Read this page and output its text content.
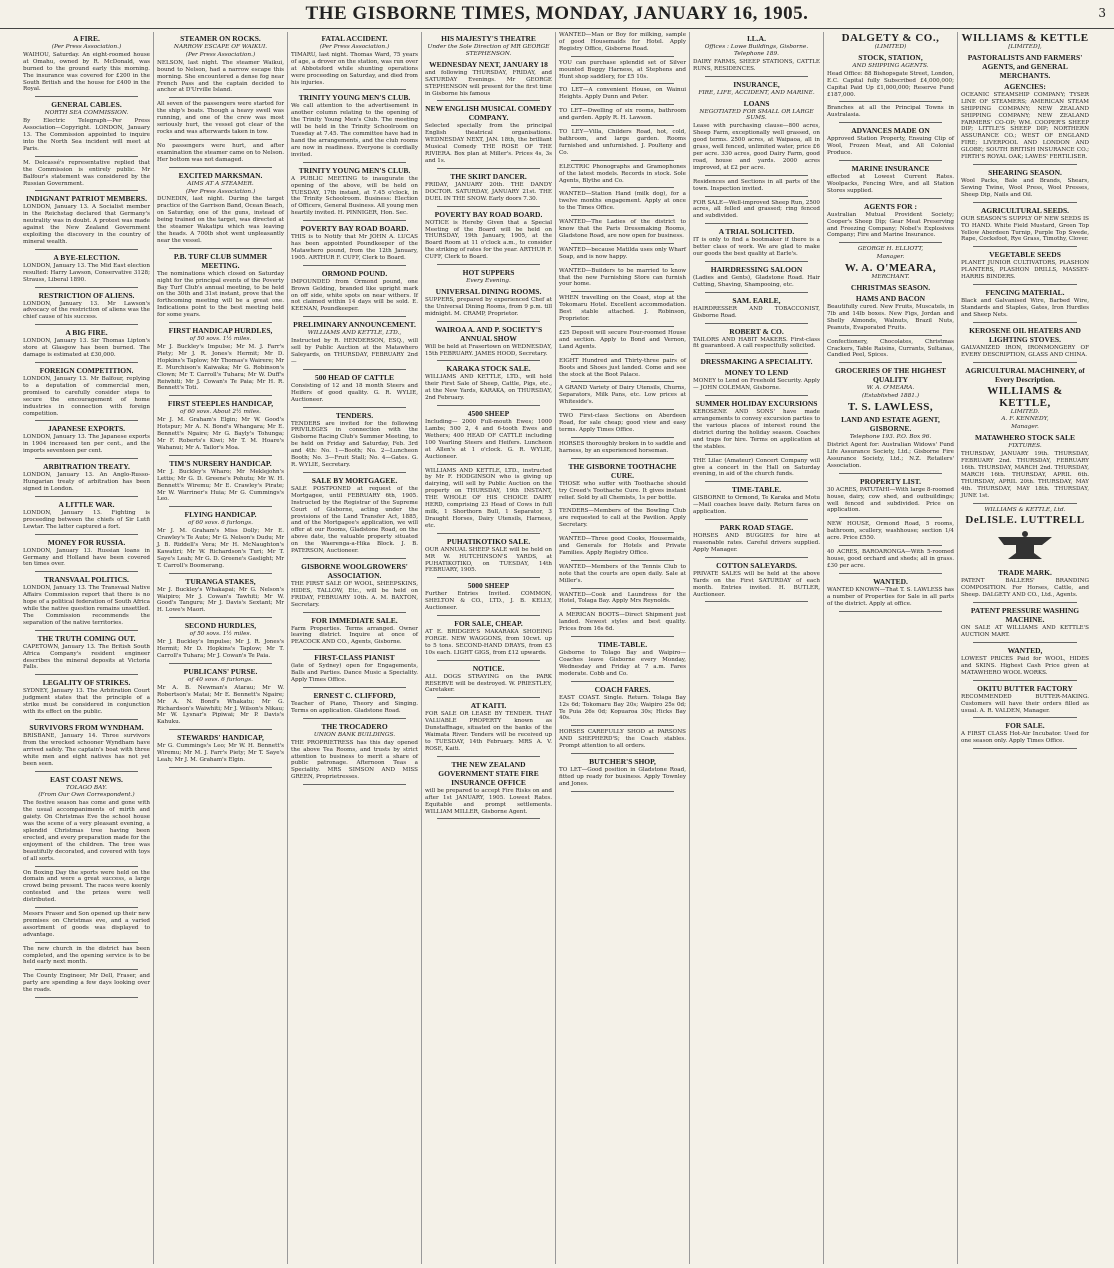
THE GISBORNE TIMES, MONDAY, JANUARY 16, 1905.	3
A FIRE.
(Per Press Association.)

WAIHOU, Saturday. An eight-roomed house at Omahu, owned by R. McDonald, was burned to the ground early this morning. The insurance was covered for £200 in the South British and the house for £400 in the Royal.

GENERAL CABLES.
NORTH SEA COMMISSION.

By Electric Telegraph—Per Press Association—Copyright. LONDON, January 13. The Commission appointed to inquire into the North Sea incident will meet at Paris.

M. Delcassé's representative replied that the Commission is entirely public. Mr Balfour's statement was considered by the Russian Government.

INDIGNANT PATRIOT MEMBERS.

LONDON, January 13. A Socialist member in the Reichstag declared that Germany's neutrality was in doubt. A protest was made against the New Zealand Government exploiting the discovery in the country of mineral wealth.

A BYE-ELECTION.

LONDON, January 13. The Mid East election resulted: Harry Lawson, Conservative 3128; Strauss, Liberal 1890.

RESTRICTION OF ALIENS.

LONDON, January 13. Mr Lawson's advocacy of the restriction of aliens was the chief cause of his success.

A BIG FIRE.

LONDON, January 13. Sir Thomas Lipton's store at Glasgow has been burned. The damage is estimated at £30,000.

FOREIGN COMPETITION.

LONDON, January 13. Mr Balfour, replying to a deputation of commercial men, promised to carefully consider steps to secure the encouragement of home industries in connection with foreign competition.

JAPANESE EXPORTS.

LONDON, January 13. The Japanese exports in 1904 increased ten per cent., and the imports seventeen per cent.

ARBITRATION TREATY.

LONDON, January 13. An Anglo-Russo-Hungarian treaty of arbitration has been signed in London.

A LITTLE WAR.

LONDON, January 13. Fighting is proceeding between the chiefs of Sir Lutfi Lewtar. The latter captured a fort.

MONEY FOR RUSSIA.

LONDON, January 13. Russian loans in Germany and Holland have been covered ten times over.

TRANSVAAL POLITICS.

LONDON, January 13. The Transvaal Native Affairs Commission report that there is no hope of a political federation of South Africa while the native question remains unsettled. The Commission recommends the separation of the native territories.

THE TRUTH COMING OUT.

CAPETOWN, January 13. The British South Africa Company's resident engineer describes the mineral deposits at Victoria Falls.

LEGALITY OF STRIKES.

SYDNEY, January 13. The Arbitration Court judgment states that the principle of a strike must be considered in conjunction with its effect on the public.

SURVIVORS FROM WYNDHAM.

BRISBANE, January 14. Three survivors from the wrecked schooner Wyndham have arrived safely. The captain's boat with three white men and eight natives has not yet been seen.

EAST COAST NEWS.
TOLAGO BAY.
(From Our Own Correspondent.)

The festive season has come and gone with the usual accompaniments of mirth and gaiety. On Christmas Eve the school house was the scene of a very pleasant evening, a splendid Christmas tree having been erected, and every preparation made for the enjoyment of the children. The tree was beautifully decorated, and covered with toys of all sorts.

On Boxing Day the sports were held on the domain and were a great success, a large crowd being present. The races were keenly contested and the prizes were well distributed.

Messrs Fraser and Son opened up their new premises on Christmas eve, and a varied assortment of goods was displayed to advantage.

The new church in the district has been completed, and the opening service is to be held early next month.

The County Engineer, Mr Dell, Fraser, and party are spending a few days looking over the roads.

STEAMER ON ROCKS.
NARROW ESCAPE OF WAIKUI.
(Per Press Association.)

NELSON, last night. The steamer Waikui, bound to Nelson, had a narrow escape this morning. She encountered a dense fog near French Pass and the captain decided to anchor at D'Urville Island.

All seven of the passengers were started for the ship's boats. Though a heavy swell was running, and one of the crew was most seriously hurt, the vessel got clear of the rocks and was afterwards taken in tow.

No passengers were hurt, and after examination the steamer came on to Nelson. Her bottom was not damaged.

EXCITED MARKSMAN.
AIMS AT A STEAMER.
(Per Press Association.)

DUNEDIN, last night. During the target practice of the Garrison Band, Ocean Beach, on Saturday, one of the guns, instead of being trained on the target, was directed at the steamer Wakatipu which was leaving the heads. A 700lb shot went unpleasantly near the vessel.

P.B. TURF CLUB SUMMER MEETING.

The nominations which closed on Saturday night for the principal events of the Poverty Bay Turf Club's annual meeting, to be held on the 30th and 31st instant, prove that the forthcoming meeting will be a great one. Indications point to the best meeting held for some years.

FIRST HANDICAP HURDLES,
of 50 sovs. 1½ miles.

Mr J. Buckley's Impulse; Mr M. J. Farr's Piety; Mr J. R. Jones's Hermit; Mr D. Hopkins's Taplow; Mr Thomas's Wairere; Mr E. Murchison's Kaiwaka; Mr G. Robinson's Clown; Mr T. Carroll's Tuhara; Mr W. Duff's Reiwhiti; Mr J. Cowan's Te Paia; Mr H. R. Bennett's Toti.

FIRST STEEPLES HANDICAP,
of 60 sovs. About 2½ miles.

Mr J. M. Graham's Elgin; Mr W. Good's Hotspur; Mr A. N. Bond's Whangara; Mr E. Bennett's Ngaire; Mr G. Bayly's Tohunga; Mr F. Roberts's Kiwi; Mr T. M. Hoare's Wahanui; Mr A. Tailor's Moa.

TIM'S NURSERY HANDICAP.

Mr J. Buckley's Wharo; Mr Meklejohn's Lettis; Mr G. D. Greene's Pohutu; Mr W. H. Bennett's Wiremu; Mr E. Crawley's Pirate; Mr W. Warriner's Huia; Mr G. Cummings's Leo.

FLYING HANDICAP.
of 60 sovs. 6 furlongs.

Mr J. M. Graham's Miss Dolly; Mr E. Crawley's Te Aute; Mr G. Nelson's Dudu; Mr J. B. Riddell's Vera; Mr H. McNaughton's Kawatiri; Mr W. Richardson's Turi; Mr T. Saye's Leah; Mr G. D. Greene's Gaslight; Mr T. Carroll's Boomerang.

TURANGA STAKES,

Mr J. Buckley's Whakapai; Mr G. Nelson's Waipiro; Mr J. Cowan's Tawhiti; Mr W. Good's Tanguru; Mr J. Davis's Sextant; Mr H. Lowe's Maori.

SECOND HURDLES,
of 50 sovs. 1½ miles.

Mr J. Buckley's Impulse; Mr J. R. Jones's Hermit; Mr D. Hopkins's Taplow; Mr T. Carroll's Tuhara; Mr J. Cowan's Te Paia.

PUBLICANS' PURSE.
of 40 sovs. 6 furlongs.

Mr A. B. Newman's Atarau; Mr W. Robertson's Matai; Mr E. Bennett's Ngaire; Mr A. N. Bond's Whakatu; Mr G. Richardson's Waiwhiti; Mr J. Wilson's Nikau; Mr W. Lysnar's Pipiwai; Mr P. Davis's Kahuku.

STEWARDS' HANDICAP,

Mr G. Cummings's Leo; Mr W. H. Bennett's Wiremu; Mr M. J. Farr's Piety; Mr T. Saye's Leah; Mr J. M. Graham's Elgin.

FATAL ACCIDENT.
(Per Press Association.)

TIMARU, last night. Thomas Ward, 75 years of age, a drover on the station, was run over at Abbotsford while shunting operations were proceeding on Saturday, and died from his injuries.

TRINITY YOUNG MEN'S CLUB.

We call attention to the advertisement in another column relating to the opening of the Trinity Young Men's Club. The meeting will be held in the Trinity Schoolroom on Tuesday at 7.45. The committee have had in hand the arrangements, and the club rooms are now in readiness. Everyone is cordially invited.

TRINITY YOUNG MEN'S CLUB.

A PUBLIC MEETING to inaugurate the opening of the above, will be held on TUESDAY, 17th instant, at 7.45 o'clock, in the Trinity Schoolroom. Business: Election of Officers, General Business. All young men heartily invited. H. PINNIGER, Hon. Sec.

POVERTY BAY ROAD BOARD.

THIS is to Notify that Mr JOHN A. LUCAS has been appointed Poundkeeper of the Matawhero pound, from the 12th January, 1905. ARTHUR F. CUFF, Clerk to Board.

ORMOND POUND.

IMPOUNDED from Ormond pound, one Brown Gelding, branded like upright mark on off side, white spots on near withers. If not claimed within 14 days will be sold. E. KEENAN, Poundkeeper.

PRELIMINARY ANNOUNCEMENT.
WILLIAMS AND KETTLE, LTD.,

Instructed by R. HENDERSON, ESQ., will sell by Public Auction at the Matawhero Saleyards, on THURSDAY, FEBRUARY 2nd—

500 HEAD OF CATTLE

Consisting of 12 and 18 month Steers and Heifers of good quality. G. R. WYLIE, Auctioneer.

TENDERS.

TENDERS are invited for the following PRIVILEGES in connection with the Gisborne Racing Club's Summer Meeting, to be held on Friday and Saturday, Feb. 3rd and 4th: No. 1—Booth; No. 2—Luncheon Booth; No. 3—Fruit Stall; No. 4—Gates. G. R. WYLIE, Secretary.

SALE BY MORTGAGEE.

SALE POSTPONED at request of the Mortgagee, until FEBRUARY 6th, 1905. Instructed by the Registrar of the Supreme Court of Gisborne, acting under the provisions of the Land Transfer Act, 1885, and of the Mortgagee's application, we will offer at our Rooms, Gladstone Road, on the above date, the valuable property situated on the Waerenga-a-Hika Block. J. B. PATERSON, Auctioneer.

GISBORNE WOOLGROWERS' ASSOCIATION.

THE FIRST SALE OF WOOL, SHEEPSKINS, HIDES, TALLOW, Etc., will be held on FRIDAY, FEBRUARY 10th. A. M. BAXTON, Secretary.

FOR IMMEDIATE SALE.

Farm Properties. Terms arranged. Owner leaving district. Inquire at once of PEACOCK AND CO., Agents, Gisborne.

FIRST-CLASS PIANIST

(late of Sydney) open for Engagements, Balls and Parties. Dance Music a Speciality. Apply Times Office.

ERNEST C. CLIFFORD,

Teacher of Piano, Theory and Singing. Terms on application. Gladstone Road.

THE TROCADERO
UNION BANK BUILDINGS.

THE PROPRIETRESS has this day opened the above Tea Rooms, and trusts by strict attention to business to merit a share of public patronage. Afternoon Teas a Speciality. MRS SIMSON AND MISS GREEN, Proprietresses.

HIS MAJESTY'S THEATRE
Under the Sole Direction of MR GEORGE STEPHENSON.
WEDNESDAY NEXT, JANUARY 18

and following THURSDAY, FRIDAY, and SATURDAY Evenings. Mr GEORGE STEPHENSON will present for the first time in Gisborne his famous

NEW ENGLISH MUSICAL COMEDY COMPANY.

Selected specially from the principal English theatrical organisations. WEDNESDAY NEXT, JAN. 18th, the brilliant Musical Comedy THE ROSE OF THE RIVIERA. Box plan at Miller's. Prices 4s, 3s and 1s.

THE SKIRT DANCER.

FRIDAY, JANUARY 20th. THE DANDY DOCTOR. SATURDAY, JANUARY 21st. THE DUEL IN THE SNOW. Early doors 7.30.

POVERTY BAY ROAD BOARD.

NOTICE is Hereby Given that a Special Meeting of the Board will be held on THURSDAY, 19th January, 1905, at the Board Room at 11 o'clock a.m., to consider the striking of rates for the year. ARTHUR F. CUFF, Clerk to Board.

HOT SUPPERS
Every Evening.
UNIVERSAL DINING ROOMS.

SUPPERS, prepared by experienced Chef at the Universal Dining Rooms, from 9 p.m. till midnight. M. CRAMP, Proprietor.

WAIROA A. AND P. SOCIETY'S ANNUAL SHOW

Will be held at Frasertown on WEDNESDAY, 15th FEBRUARY. JAMES HOOD, Secretary.

KARAKA STOCK SALE.

WILLIAMS AND KETTLE, LTD., will hold their First Sale of Sheep, Cattle, Pigs, etc., at the New Yards, KARAKA, on THURSDAY, 2nd February.

4500 SHEEP

Including— 2000 Full-mouth Ewes; 1000 Lambs; 500 2, 4 and 6-tooth Ewes and Wethers; 400 HEAD OF CATTLE including 100 Yearling Steers and Heifers. Luncheon at Allen's at 1 o'clock. G. R. WYLIE, Auctioneer.

WILLIAMS AND KETTLE, LTD., instructed by Mr F. HODGINSON who is giving up dairying, will sell by Public Auction on the property on THURSDAY, 19th INSTANT, THE WHOLE OF HIS CHOICE DAIRY HERD, comprising 23 Head of Cows in full milk, 1 Shorthorn Bull, 1 Separator, 3 Draught Horses, Dairy Utensils, Harness, etc.

PUHATIKOTIKO SALE.

OUR ANNUAL SHEEP SALE will be held on MR W. HUTCHINSON'S YARDS, at PUHATIKOTIKO, on TUESDAY, 14th FEBRUARY, 1905.

5000 SHEEP

Further Entries Invited. COMMON, SHELTON & CO., LTD., J. B. KELLY, Auctioneer.

FOR SALE, CHEAP.

AT E. BRIDGER'S MAKARAKA SHOEING FORGE. NEW WAGGONS, from 10cwt. up to 5 tons. SECOND-HAND DRAYS, from £3 10s each. LIGHT GIGS, from £12 upwards.

NOTICE.

ALL DOGS STRAYING on the PARK RESERVE will be destroyed. W. PRIESTLEY, Caretaker.

AT KAITI.

FOR SALE OR LEASE BY TENDER. THAT VALUABLE PROPERTY known as Dunstaffnage, situated on the banks of the Waimata River. Tenders will be received up to TUESDAY, 14th February. MRS A. V. ROSE, Kaiti.

THE NEW ZEALAND GOVERNMENT STATE FIRE INSURANCE OFFICE

will be prepared to accept Fire Risks on and after 1st JANUARY, 1905. Lowest Rates. Equitable and prompt settlements. WILLIAM MILLER, Gisborne Agent.

WANTED—Man or Boy for milking, sample of good Housemaids for Hotel. Apply Registry Office, Gisborne Road.

YOU can purchase splendid set of Silver mounted Buggy Harness, at Stephens and Hunt shop saddlery, for £5 10s.

TO LET—A convenient House, on Wainui Heights. Apply Dunn and Peter.

TO LET—Dwelling of six rooms, bathroom and garden. Apply R. H. Lawson.

TO LEY—Villa, Childers Road, hot, cold, bathroom, and large garden. Rooms furnished and unfurnished. J. Poulteny and Co.

ELECTRIC Phonographs and Gramophones of the latest models. Records in stock. Sole Agents, Blythe and Co.

WANTED—Station Hand (milk dog), for a twelve months engagement. Apply at once to the Times Office.

WANTED—The Ladies of the district to know that the Paris Dressmaking Rooms, Gladstone Road, are now open for business.

WANTED—because Matilda uses only Wharf Soap, and is now happy.

WANTED—Builders to be married to know that the new Furnishing Store can furnish your home.

WHEN travelling on the Coast, stop at the Tokomaru Hotel. Excellent accommodation. Best stable attached. J. Robinson, Proprietor.

£25 Deposit will secure Four-roomed House and section. Apply to Bond and Vernon, Land Agents.

EIGHT Hundred and Thirty-three pairs of Boots and Shoes just landed. Come and see the stock at the Boot Palace.

A GRAND Variety of Dairy Utensils, Churns, Separators, Milk Pans, etc. Low prices at Whiteside's.

TWO First-class Sections on Aberdeen Road, for sale cheap; good view and easy terms. Apply Times Office.

HORSES thoroughly broken in to saddle and harness, by an experienced horseman.

THE GISBORNE TOOTHACHE CURE.

THOSE who suffer with Toothache should try Creed's Toothache Cure. It gives instant relief. Sold by all Chemists, 1s per bottle.

TENDERS—Members of the Bowling Club are requested to call at the Pavilion. Apply Secretary.

WANTED—Three good Cooks, Housemaids, and Generals for Hotels and Private Families. Apply Registry Office.

WANTED—Members of the Tennis Club to note that the courts are open daily. Sale at Miller's.

WANTED—Cook and Laundress for the Hotel, Tolaga Bay. Apply Mrs Reynolds.

A MERICAN BOOTS—Direct Shipment just landed. Newest styles and best quality. Prices from 16s 6d.

TIME-TABLE.

Gisborne to Tolago Bay and Waipiro—Coaches leave Gisborne every Monday, Wednesday and Friday at 7 a.m. Fares moderate. Cobb and Co.

COACH FARES.

EAST COAST. Single. Return. Tolaga Bay 12s 6d; Tokomaru Bay 20s; Waipiro 25s 0d; Te Puia 26s 0d; Kopuaroa 30s; Hicks Bay 40s.

HORSES CAREFULLY SHOD at PARSONS AND SHEPHERD'S; the Coach stables. Prompt attention to all orders.

BUTCHER'S SHOP,

TO LET—Good position in Gladstone Road, fitted up ready for business. Apply Townley and Jones.

I.L.A.
Offices : Lowe Buildings, Gisborne. Telephone 189.

DAIRY FARMS, SHEEP STATIONS, CATTLE RUNS, RESIDENCES.

INSURANCE,
FIRE, LIFE, ACCIDENT, AND MARINE.
LOANS
NEGOTIATED FOR SMALL OR LARGE SUMS.

Lease with purchasing clause—800 acres, Sheep Farm, exceptionally well grassed, on good terms. 2500 acres, at Waipaoa, all in grass, well fenced, unlimited water, price £6 per acre. 330 acres, good Dairy Farm, good road, house and yards. 2000 acres improved, at £2 per acre.

Residences and Sections in all parts of the town. Inspection invited.

FOR SALE—Well-improved Sheep Run, 2500 acres, all felled and grassed; ring fenced and subdivided.

A TRIAL SOLICITED.

IT is only to find a bootmaker if there is a better class of work. We are glad to make our goods the best quality at Earle's.

HAIRDRESSING SALOON

(Ladies and Gents), Gladstone Road. Hair Cutting, Shaving, Shampooing, etc.

SAM. EARLE,

HAIRDRESSER AND TOBACCONIST, Gisborne Road.

ROBERT & CO.

TAILORS AND HABIT MAKERS. First-class fit guaranteed. A call respectfully solicited.

DRESSMAKING A SPECIALITY.
MONEY TO LEND

MONEY to Lend on Freehold Security. Apply— JOHN COLEMAN, Gisborne.

SUMMER HOLIDAY EXCURSIONS

KEROSENE AND SONS' have made arrangements to convey excursion parties to the various places of interest round the district during the holiday season. Coaches and traps for hire. Terms on application at the stables.

THE Lilac (Amateur) Concert Company will give a concert in the Hall on Saturday evening, in aid of the church funds.

TIME-TABLE.

GISBORNE to Ormond, Te Karaka and Motu—Mail coaches leave daily. Return fares on application.

PARK ROAD STAGE.

HORSES AND BUGGIES for hire at reasonable rates. Careful drivers supplied. Apply Manager.

COTTON SALEYARDS.

PRIVATE SALES will be held at the above Yards on the First SATURDAY of each month. Entries invited. H. BUTLER, Auctioneer.

DALGETY & CO.,
(LIMITED)
STOCK, STATION,
AND SHIPPING AGENTS.

Head Office: 88 Bishopsgate Street, London, E.C. Capital fully Subscribed £4,000,000; Capital Paid Up £1,000,000; Reserve Fund £187,000.

Branches at all the Principal Towns in Australasia.

ADVANCES MADE ON

Approved Station Property, Ensuing Clip of Wool, Frozen Meat, and All Colonial Produce.

MARINE INSURANCE

effected at Lowest Current Rates. Woolpacks, Fencing Wire, and all Station Stores supplied.

AGENTS FOR :

Australian Mutual Provident Society; Cooper's Sheep Dip; Gear Meat Preserving and Freezing Company; Nobel's Explosives Company; Fire and Marine Insurance.

GEORGE H. ELLIOTT,
Manager.
W. A. O'MEARA,
MERCHANT.
CHRISTMAS SEASON.
HAMS AND BACON

Beautifully cured. New Fruits, Muscatels, in 7lb and 14lb boxes. New Figs, Jordan and Shelly Almonds, Walnuts, Brazil Nuts, Peanuts, Evaporated Fruits.

Confectionery, Chocolates, Christmas Crackers, Table Raisins, Currants, Sultanas, Candied Peel, Spices.

GROCERIES OF THE HIGHEST QUALITY
W. A. O'MEARA.
(Established 1881.)
T. S. LAWLESS,
LAND AND ESTATE AGENT, GISBORNE.
Telephone 193. P.O. Box 96.

District Agent for: Australian Widows' Fund Life Assurance Society, Ltd.; Gisborne Fire Assurance Society, Ltd.; N.Z. Retailers' Association.

PROPERTY LIST.

30 ACRES, PATUTAHI—With large 8-roomed house, dairy, cow shed, and outbuildings; well fenced and subdivided. Price on application.

NEW HOUSE, Ormond Road, 5 rooms, bathroom, scullery, washhouse; section 1/4 acre. Price £550.

40 ACRES, BAROARONGA—With 5-roomed house, good orchard and sheds; all in grass. £30 per acre.

WANTED.

WANTED KNOWN—That T. S. LAWLESS has a number of Properties for Sale in all parts of the district. Apply at office.

WILLIAMS & KETTLE
[LIMITED],
PASTORALISTS AND FARMERS' AGENTS, and GENERAL MERCHANTS.
AGENCIES:

OCEANIC STEAMSHIP COMPANY; TYSER LINE OF STEAMERS; AMERICAN STEAM SHIPPING COMPANY; NEW ZEALAND SHIPPING COMPANY; NEW ZEALAND FARMERS' CO-OP; WM. COOPER'S SHEEP DIP; LITTLE'S SHEEP DIP; NORTHERN ASSURANCE CO.; WEST OF ENGLAND FIRE; LIVERPOOL AND LONDON AND GLOBE; SOUTH BRITISH INSURANCE CO.; FIRTH'S ROYAL OAK; LAWES' FERTILISER.

SHEARING SEASON.

Wool Packs, Bale and Brands, Shears, Sewing Twine, Wool Press, Wool Presses, Sheep Dip, Nails and Oil.

AGRICULTURAL SEEDS.

OUR SEASON'S SUPPLY OF NEW SEEDS IS TO HAND. White Field Mustard, Green Top Yellow Aberdeen Turnip, Purple Top Swede, Rape, Cocksfoot, Rye Grass, Timothy, Clover.

VEGETABLE SEEDS

PLANET JUNIOR CULTIVATORS, PLASHON PLANTERS, PLASHON DRILLS, MASSEY-HARRIS BINDERS.

FENCING MATERIAL.

Black and Galvanised Wire, Barbed Wire, Standards and Staples, Gates, Iron Hurdles and Sheep Nets.

KEROSENE OIL HEATERS AND LIGHTING STOVES.

GALVANIZED IRON, IRONMONGERY OF EVERY DESCRIPTION, GLASS AND CHINA.

AGRICULTURAL MACHINERY, of Every Description.
WILLIAMS & KETTLE,
LIMITED.
A. F. KENNEDY,
Manager.
MATAWHERO STOCK SALE
FIXTURES.

THURSDAY, JANUARY 19th. THURSDAY, FEBRUARY 2nd. THURSDAY, FEBRUARY 16th. THURSDAY, MARCH 2nd. THURSDAY, MARCH 16th. THURSDAY, APRIL 6th. THURSDAY, APRIL 20th. THURSDAY, MAY 4th. THURSDAY, MAY 18th. THURSDAY, JUNE 1st.

WILLIAMS & KETTLE, Ltd.
DeLISLE. LUTTRELL
TRADE MARK.

PATENT BALLERS' BRANDING COMPOSITION. For Horses, Cattle, and Sheep. DALGETY AND CO., Ltd., Agents.

PATENT PRESSURE WASHING MACHINE.

ON SALE AT WILLIAMS AND KETTLE'S AUCTION MART.

WANTED,

LOWEST PRICES Paid for WOOL, HIDES and SKINS. Highest Cash Price given at MATAWHERO WOOL WORKS.

OKITU BUTTER FACTORY

RECOMMENDED BUTTER-MAKING. Customers will have their orders filled as usual. A. R. VALDEN, Manager.

FOR SALE.

A FIRST CLASS Hot-Air Incubator. Used for one season only. Apply Times Office.
